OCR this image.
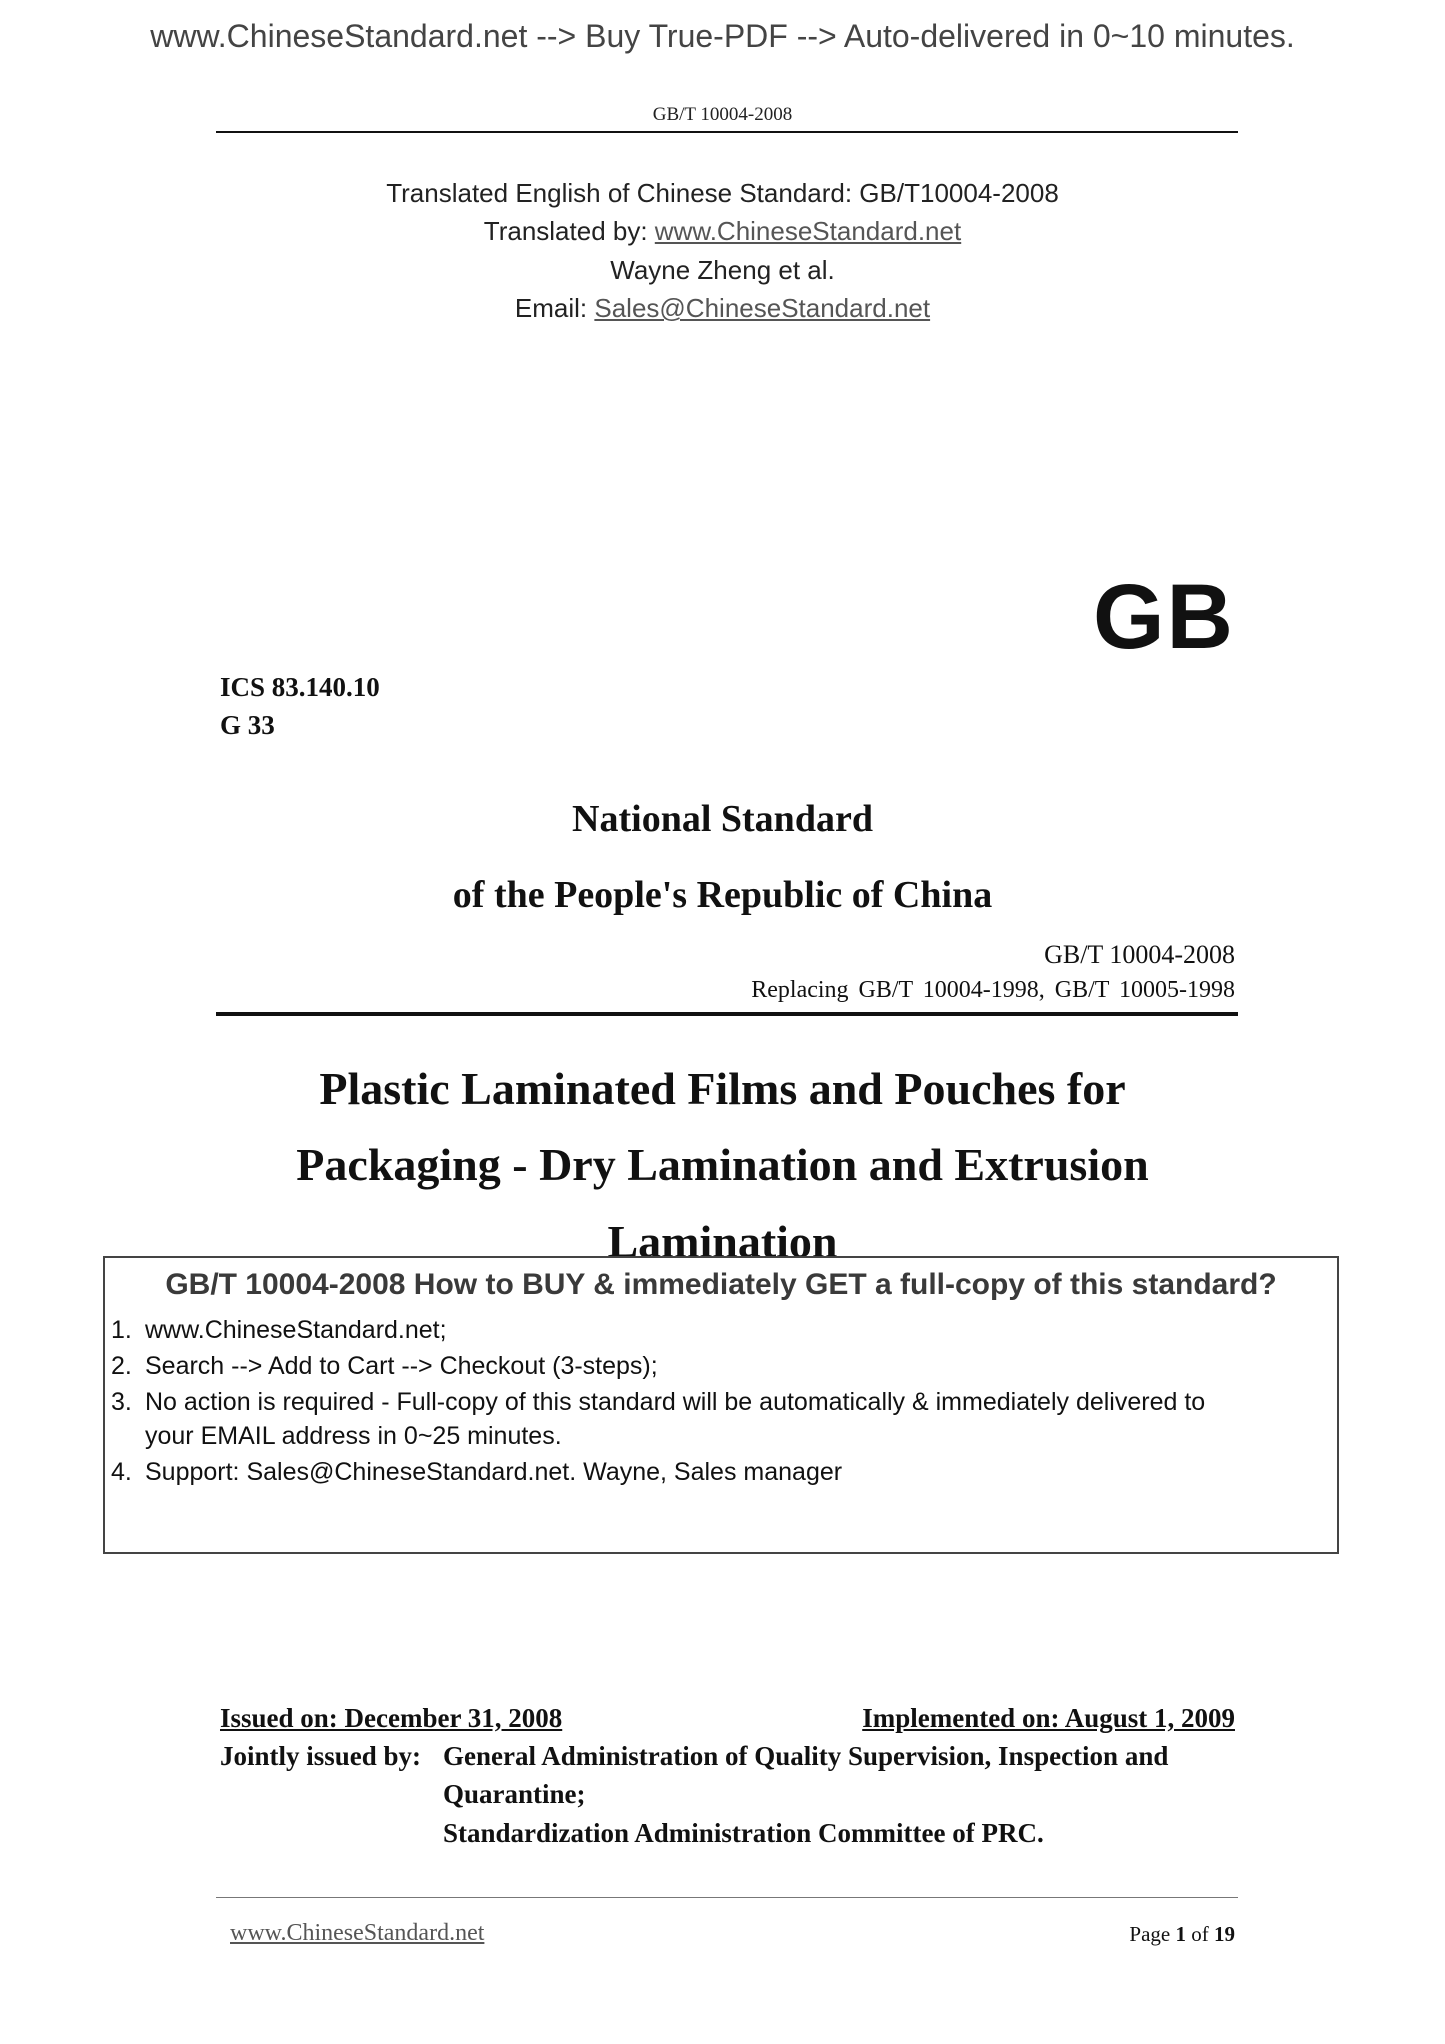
www.ChineseStandard.net --> Buy True-PDF --> Auto-delivered in 0~10 minutes.
GB/T 10004-2008
Translated English of Chinese Standard: GB/T10004-2008
Translated by: www.ChineseStandard.net
Wayne Zheng et al.
Email: Sales@ChineseStandard.net
GB
ICS 83.140.10
G 33
National Standard
of the People's Republic of China
GB/T 10004-2008
Replacing GB/T 10004-1998, GB/T 10005-1998
Plastic Laminated Films and Pouches for
Packaging - Dry Lamination and Extrusion
Lamination
GB/T 10004-2008 How to BUY & immediately GET a full-copy of this standard?
1. www.ChineseStandard.net;
2. Search --> Add to Cart --> Checkout (3-steps);
3. No action is required - Full-copy of this standard will be automatically & immediately delivered to
your EMAIL address in 0~25 minutes.
4. Support: Sales@ChineseStandard.net. Wayne, Sales manager
Issued on: December 31, 2008	Implemented on: August 1, 2009
Jointly issued by: General Administration of Quality Supervision, Inspection and
Quarantine;
Standardization Administration Committee of PRC.
www.ChineseStandard.net	Page 1 of 19
